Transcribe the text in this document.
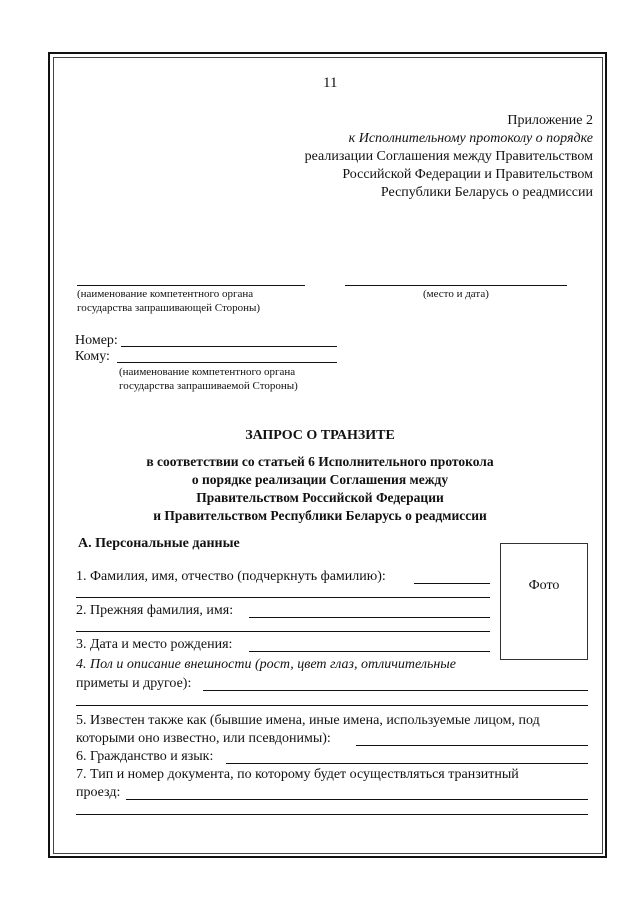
11
Приложение 2
к Исполнительному протоколу о порядке
реализации Соглашения между Правительством
Российской Федерации и Правительством
Республики Беларусь о реадмиссии
(наименование компетентного органа
государства запрашивающей Стороны)
(место и дата)
Номер:
Кому:
(наименование компетентного органа
государства запрашиваемой Стороны)
ЗАПРОС О ТРАНЗИТЕ
в соответствии со статьей 6 Исполнительного протокола
о порядке реализации Соглашения между
Правительством Российской Федерации
и Правительством Республики Беларусь о реадмиссии
А. Персональные данные
Фото
1. Фамилия, имя, отчество (подчеркнуть фамилию):
2. Прежняя фамилия, имя:
3. Дата и место рождения:
4. Пол и описание внешности (рост, цвет глаз, отличительные
приметы и другое):
5. Известен также как (бывшие имена, иные имена, используемые лицом, под
которыми оно известно, или псевдонимы):
6. Гражданство и язык:
7. Тип и номер документа, по которому будет осуществляться транзитный
проезд:
